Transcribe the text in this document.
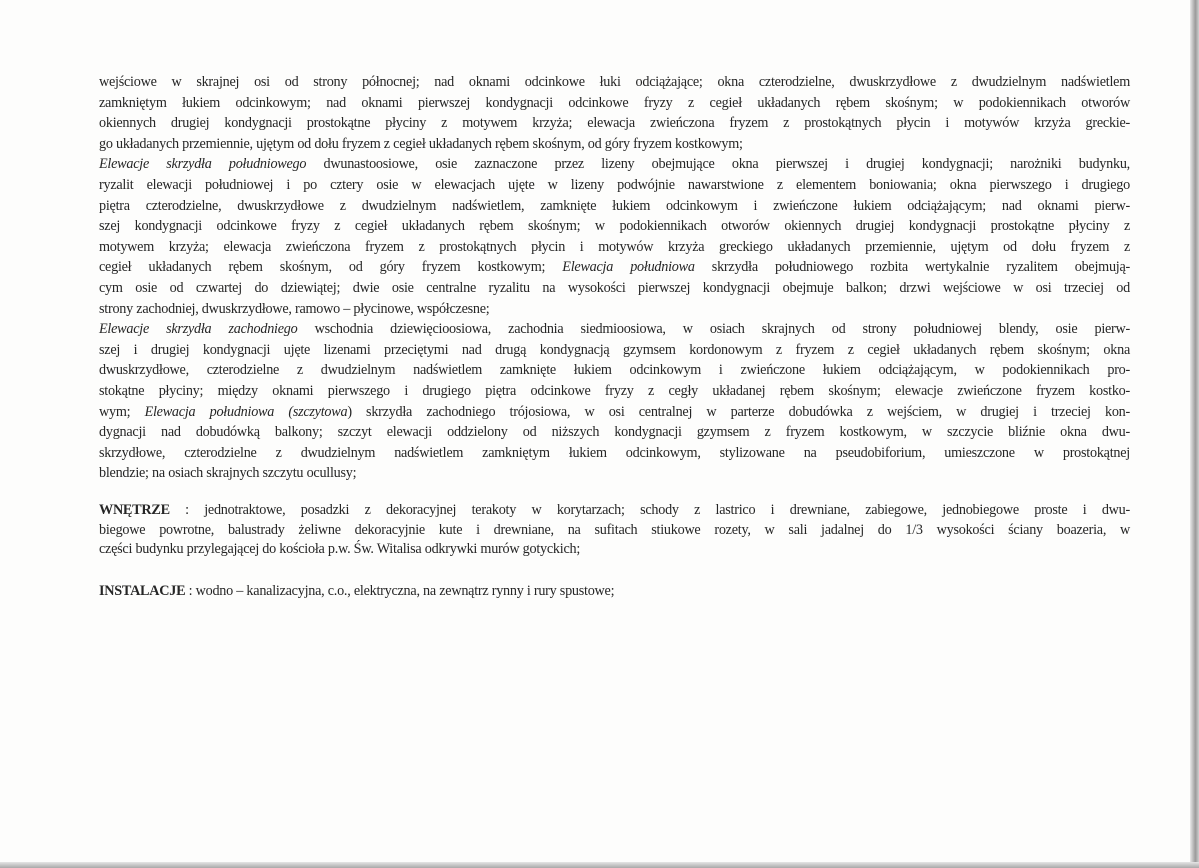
wejściowe w skrajnej osi od strony północnej; nad oknami odcinkowe łuki odciążające; okna czterodzielne, dwuskrzydłowe z dwudzielnym nadświetlem
zamkniętym łukiem odcinkowym; nad oknami pierwszej kondygnacji odcinkowe fryzy z cegieł układanych rębem skośnym; w podokiennikach otworów
okiennych drugiej kondygnacji prostokątne płyciny z motywem krzyża; elewacja zwieńczona fryzem z prostokątnych płycin i motywów krzyża greckie-
go układanych przemiennie, ujętym od dołu fryzem z cegieł układanych rębem skośnym, od góry fryzem kostkowym;
Elewacje skrzydła południowego dwunastoosiowe, osie zaznaczone przez lizeny obejmujące okna pierwszej i drugiej kondygnacji; narożniki budynku,
ryzalit elewacji południowej i po cztery osie w elewacjach ujęte w lizeny podwójnie nawarstwione z elementem boniowania; okna pierwszego i drugiego
piętra czterodzielne, dwuskrzydłowe z dwudzielnym nadświetlem, zamknięte łukiem odcinkowym i zwieńczone łukiem odciążającym; nad oknami pierw-
szej kondygnacji odcinkowe fryzy z cegieł układanych rębem skośnym; w podokiennikach otworów okiennych drugiej kondygnacji prostokątne płyciny z
motywem krzyża; elewacja zwieńczona fryzem z prostokątnych płycin i motywów krzyża greckiego układanych przemiennie, ujętym od dołu fryzem z
cegieł układanych rębem skośnym, od góry fryzem kostkowym; Elewacja południowa skrzydła południowego rozbita wertykalnie ryzalitem obejmują-
cym osie od czwartej do dziewiątej; dwie osie centralne ryzalitu na wysokości pierwszej kondygnacji obejmuje balkon; drzwi wejściowe w osi trzeciej od
strony zachodniej, dwuskrzydłowe, ramowo – płycinowe, współczesne;
Elewacje skrzydła zachodniego wschodnia dziewięcioosiowa, zachodnia siedmioosiowa, w osiach skrajnych od strony południowej blendy, osie pierw-
szej i drugiej kondygnacji ujęte lizenami przeciętymi nad drugą kondygnacją gzymsem kordonowym z fryzem z cegieł układanych rębem skośnym; okna
dwuskrzydłowe, czterodzielne z dwudzielnym nadświetlem zamknięte łukiem odcinkowym i zwieńczone łukiem odciążającym, w podokiennikach pro-
stokątne płyciny; między oknami pierwszego i drugiego piętra odcinkowe fryzy z cegły układanej rębem skośnym; elewacje zwieńczone fryzem kostko-
wym; Elewacja południowa (szczytowa) skrzydła zachodniego trójosiowa, w osi centralnej w parterze dobudówka z wejściem, w drugiej i trzeciej kon-
dygnacji nad dobudówką balkony; szczyt elewacji oddzielony od niższych kondygnacji gzymsem z fryzem kostkowym, w szczycie bliźnie okna dwu-
skrzydłowe, czterodzielne z dwudzielnym nadświetlem zamkniętym łukiem odcinkowym, stylizowane na pseudobiforium, umieszczone w prostokątnej
blendzie; na osiach skrajnych szczytu ocullusy;
WNĘTRZE : jednotraktowe, posadzki z dekoracyjnej terakoty w korytarzach; schody z lastrico i drewniane, zabiegowe, jednobiegowe proste i dwu-
biegowe powrotne, balustrady żeliwne dekoracyjnie kute i drewniane, na sufitach stiukowe rozety, w sali jadalnej do 1/3 wysokości ściany boazeria, w
części budynku przylegającej do kościoła p.w. Św. Witalisa odkrywki murów gotyckich;
INSTALACJE : wodno – kanalizacyjna, c.o., elektryczna, na zewnątrz rynny i rury spustowe;
